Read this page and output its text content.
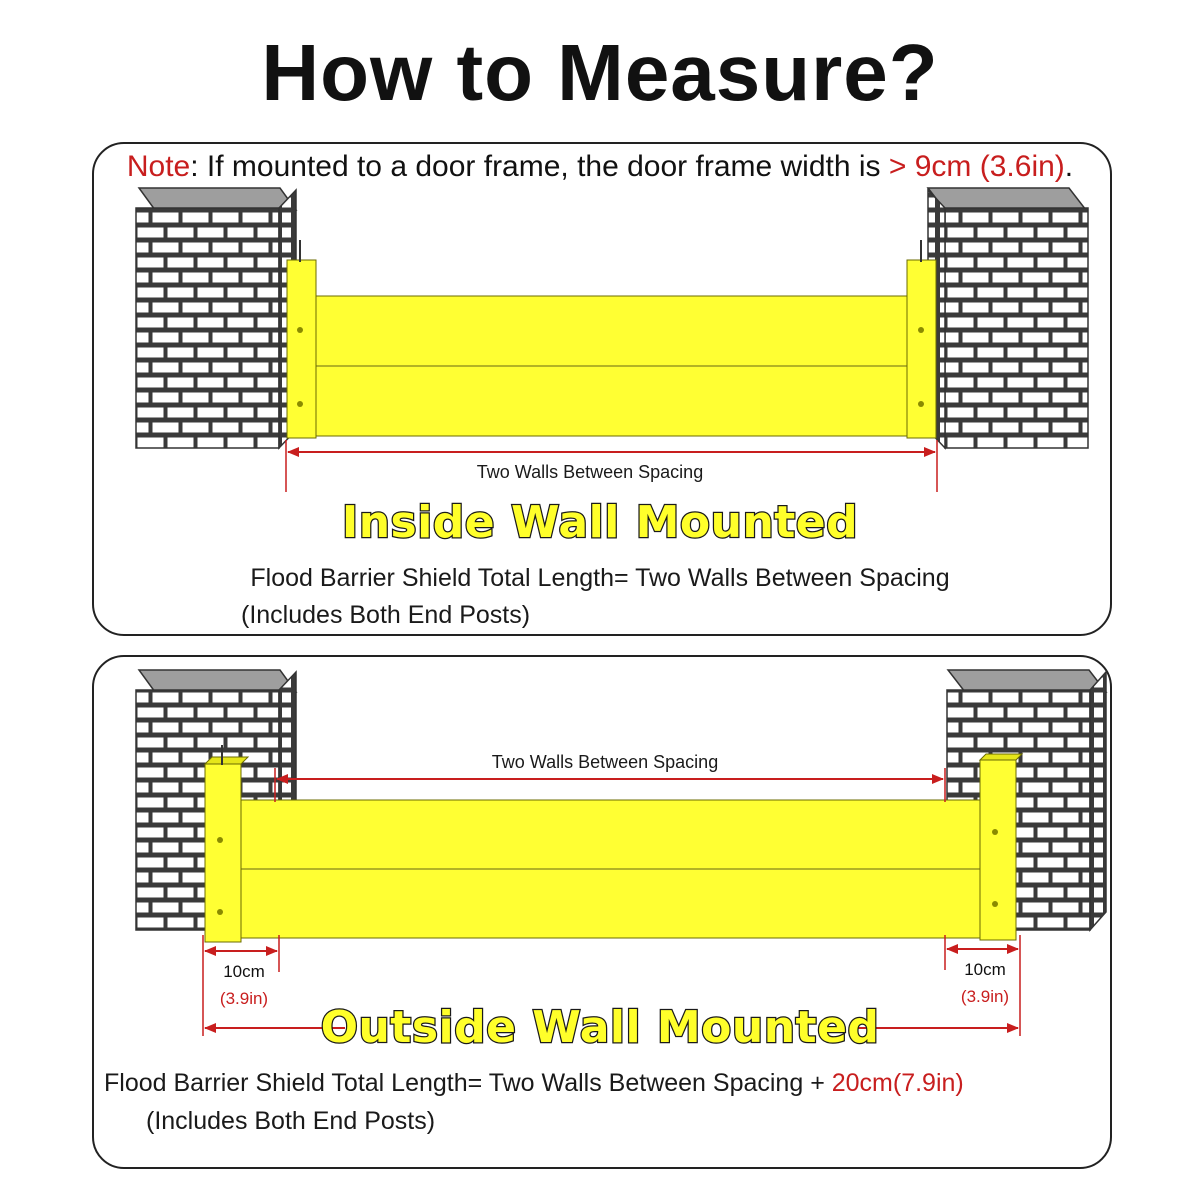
How to Measure?
Note: If mounted to a door frame, the door frame width is > 9cm (3.6in).
Two Walls Between Spacing
Inside Wall Mounted
Flood Barrier Shield Total Length= Two Walls Between Spacing
(Includes Both End Posts)
Two Walls Between Spacing
10cm
(3.9in)
10cm
(3.9in)
Outside Wall Mounted
Flood Barrier Shield Total Length= Two Walls Between Spacing + 20cm(7.9in)
(Includes Both End Posts)
